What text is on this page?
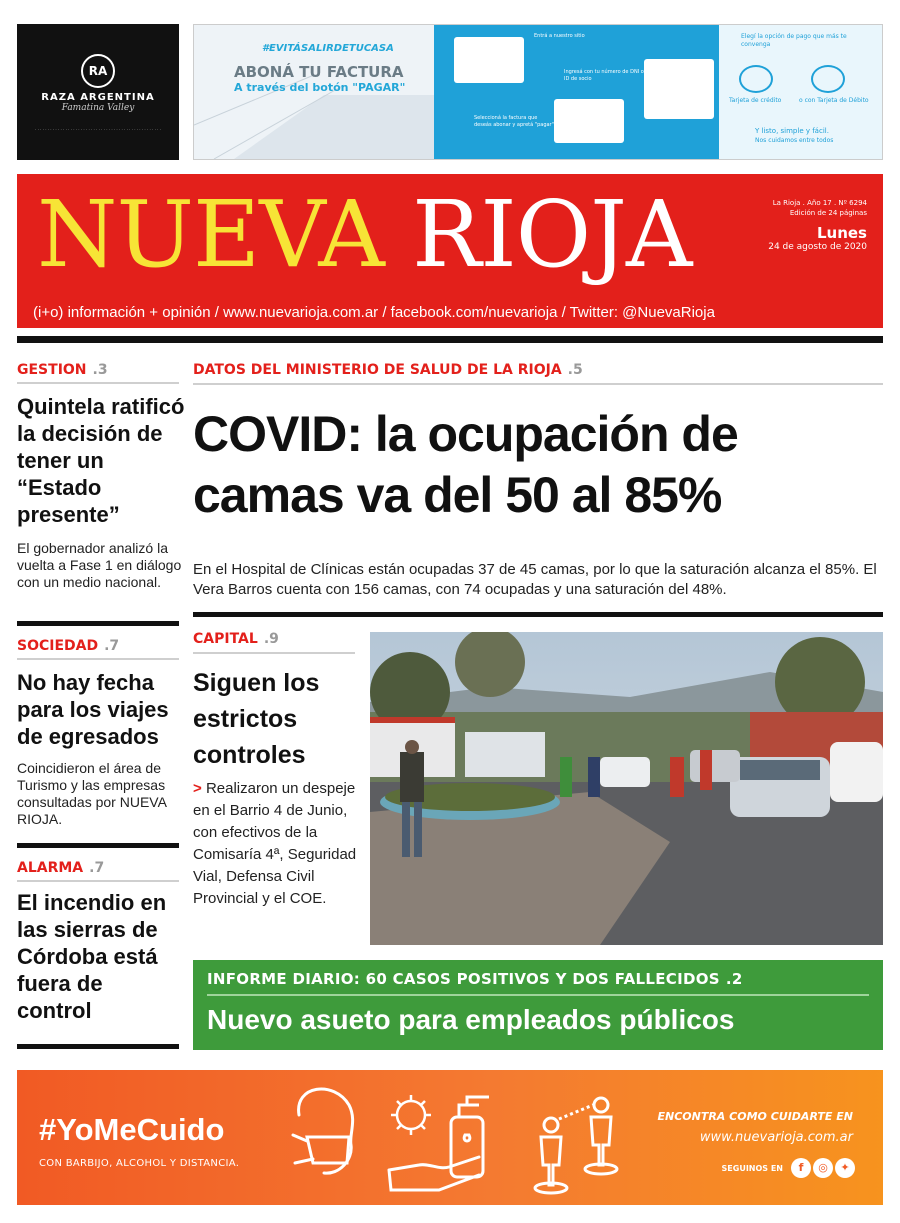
RA
RAZA ARGENTINA
Famatina Valley
· · · · · · · · · · · · · · · · · · · · · · · · · · · · · · · · · · · · · · · · · · · · · · · · · ·
#EVITÁSALIRDETUCASA
ABONÁ TU FACTURA
A través del botón "PAGAR"
Entrá a nuestro sitio
Ingresá con tu número de DNI o ID de socio
Seleccioná la factura que deseás abonar y apretá "pagar"
Elegí la opción de pago que más te convenga
Tarjeta de crédito	o con Tarjeta de Débito
Y listo, simple y fácil.
Nos cuidamos entre todos
NUEVA RIOJA	La Rioja . Año 17 . Nº 6294
Edición de 24 páginas
Lunes
24 de agosto de 2020
(i+o) información + opinión / www.nuevarioja.com.ar / facebook.com/nuevarioja / Twitter: @NuevaRioja
GESTION .3
Quintela ratificó la decisión de tener un “Estado presente”
El gobernador analizó la vuelta a Fase 1 en diálogo con un medio nacional.
SOCIEDAD .7
No hay fecha para los viajes de egresados
Coincidieron el área de Turismo y las empresas consultadas por NUEVA RIOJA.
ALARMA .7
El incendio en las sierras de Córdoba está fuera de control
DATOS DEL MINISTERIO DE SALUD DE LA RIOJA .5
COVID: la ocupación de camas va del 50 al 85%
En el Hospital de Clínicas están ocupadas 37 de 45 camas, por lo que la saturación alcanza el 85%. El Vera Barros cuenta con 156 camas, con 74 ocupadas y una saturación del 48%.
CAPITAL .9
Siguen los estrictos controles
> Realizaron un despeje en el Barrio 4 de Junio, con efectivos de la Comisaría 4ª, Seguridad Vial, Defensa Civil Provincial y el COE.
INFORME DIARIO: 60 CASOS POSITIVOS Y DOS FALLECIDOS .2
Nuevo asueto para empleados públicos
#YoMeCuido
CON BARBIJO, ALCOHOL Y DISTANCIA.
ENCONTRA COMO CUIDARTE EN
www.nuevarioja.com.ar
SEGUINOS EN	f	◎	✦
